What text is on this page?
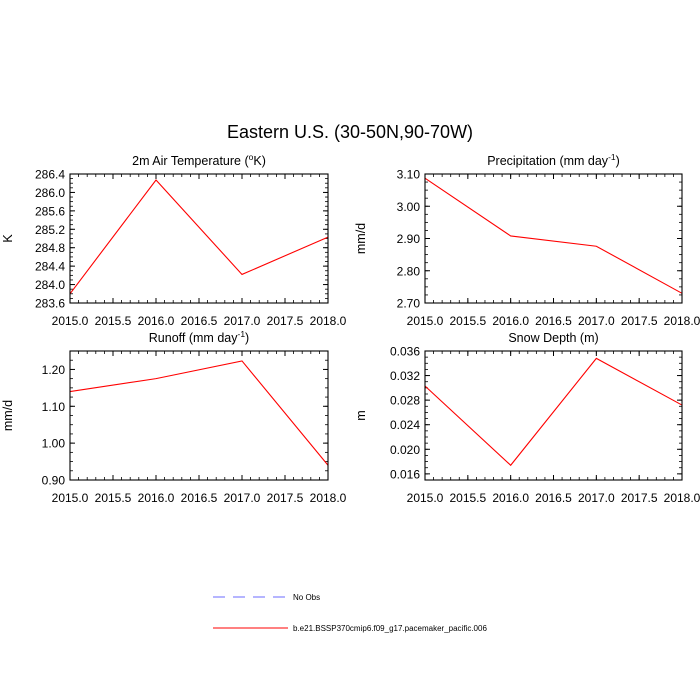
Eastern U.S. (30-50N,90-70W)
2m Air Temperature ($^o$K)
K
283.6
284.0
284.4
284.8
285.2
285.6
286.0
286.4
2015.0 2015.5 2016.0 2016.5 2017.0 2017.5 2018.0
Precipitation (mm day$^{-1}$)
mm/d
2.70
2.80
2.90
3.00
3.10
2015.0 2015.5 2016.0 2016.5 2017.0 2017.5 2018.0
Runoff (mm day$^{-1}$)
mm/d
0.90
1.00
1.10
1.20
2015.0 2015.5 2016.0 2016.5 2017.0 2017.5 2018.0
Snow Depth (m)
m
0.016
0.020
0.024
0.028
0.032
0.036
2015.0 2015.5 2016.0 2016.5 2017.0 2017.5 2018.0
No Obs
b.e21.BSSP370cmip6.f09_g17.pacemaker_pacific.006
